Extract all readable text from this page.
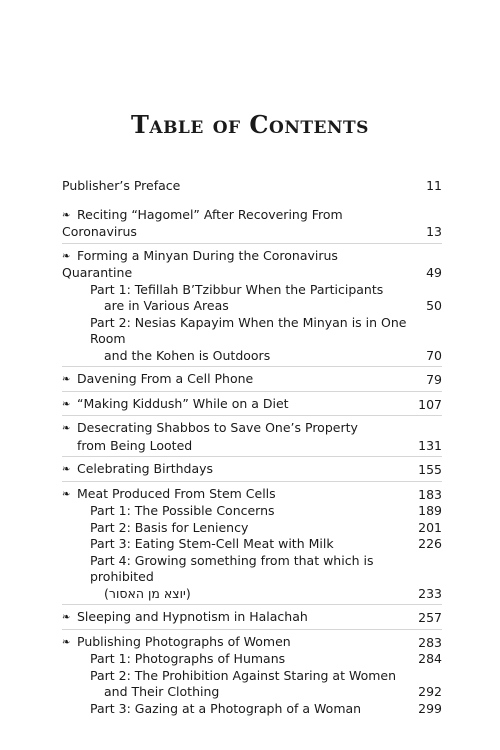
Table of Contents
Publisher’s Preface	11
❧ Reciting “Hagomel” After Recovering From Coronavirus	13
❧ Forming a Minyan During the Coronavirus Quarantine	49
Part 1: Tefillah B’Tzibbur When the Participants
are in Various Areas	50
Part 2: Nesias Kapayim When the Minyan is in One Room
and the Kohen is Outdoors	70
❧ Davening From a Cell Phone	79
❧ “Making Kiddush” While on a Diet	107
❧ Desecrating Shabbos to Save One’s Property
from Being Looted	131
❧ Celebrating Birthdays	155
❧ Meat Produced From Stem Cells	183
Part 1: The Possible Concerns	189
Part 2: Basis for Leniency	201
Part 3: Eating Stem-Cell Meat with Milk	226
Part 4: Growing something from that which is prohibited
(יוצא מן האסור)	233
❧ Sleeping and Hypnotism in Halachah	257
❧ Publishing Photographs of Women	283
Part 1: Photographs of Humans	284
Part 2: The Prohibition Against Staring at Women
and Their Clothing	292
Part 3: Gazing at a Photograph of a Woman	299
